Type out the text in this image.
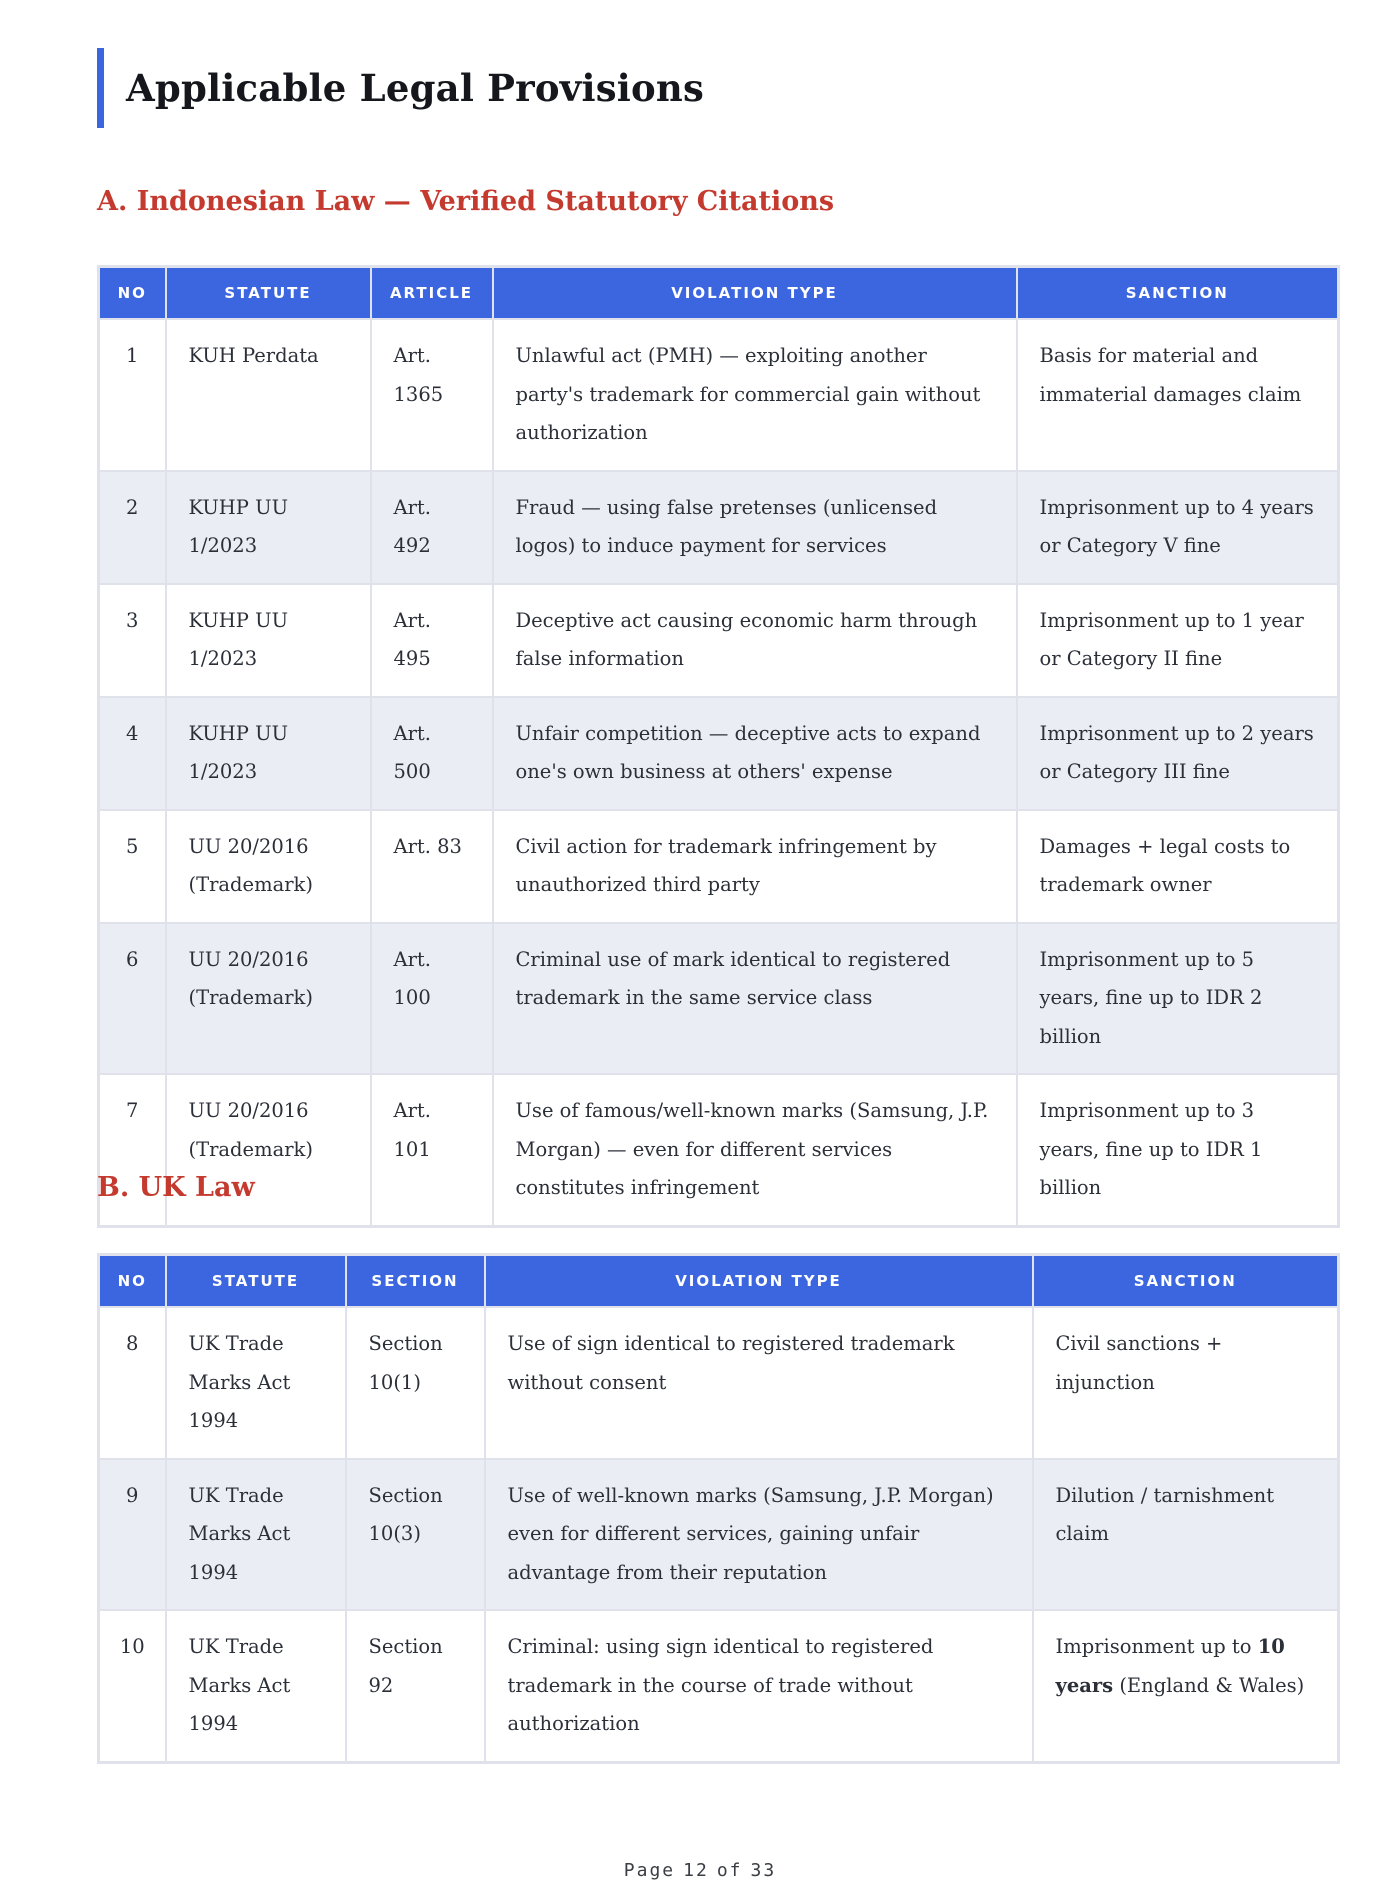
Applicable Legal Provisions
A. Indonesian Law — Verified Statutory Citations
NO	STATUTE	ARTICLE	VIOLATION TYPE	SANCTION
1	KUH Perdata	Art. 1365	Unlawful act (PMH) — exploiting another party's trademark for commercial gain without authorization	Basis for material and immaterial damages claim
2	KUHP UU 1/2023	Art. 492	Fraud — using false pretenses (unlicensed logos) to induce payment for services	Imprisonment up to 4 years or Category V fine
3	KUHP UU 1/2023	Art. 495	Deceptive act causing economic harm through false information	Imprisonment up to 1 year or Category II fine
4	KUHP UU 1/2023	Art. 500	Unfair competition — deceptive acts to expand one's own business at others' expense	Imprisonment up to 2 years or Category III fine
5	UU 20/2016 (Trademark)	Art. 83	Civil action for trademark infringement by unauthorized third party	Damages + legal costs to trademark owner
6	UU 20/2016 (Trademark)	Art. 100	Criminal use of mark identical to registered trademark in the same service class	Imprisonment up to 5 years, fine up to IDR 2 billion
7	UU 20/2016 (Trademark)	Art. 101	Use of famous/well-known marks (Samsung, J.P. Morgan) — even for different services constitutes infringement	Imprisonment up to 3 years, fine up to IDR 1 billion
B. UK Law
NO	STATUTE	SECTION	VIOLATION TYPE	SANCTION
8	UK Trade Marks Act 1994	Section 10(1)	Use of sign identical to registered trademark without consent	Civil sanctions + injunction
9	UK Trade Marks Act 1994	Section 10(3)	Use of well-known marks (Samsung, J.P. Morgan) even for different services, gaining unfair advantage from their reputation	Dilution / tarnishment claim
10	UK Trade Marks Act 1994	Section 92	Criminal: using sign identical to registered trademark in the course of trade without authorization	Imprisonment up to 10 years (England & Wales)
Page 12 of 33
